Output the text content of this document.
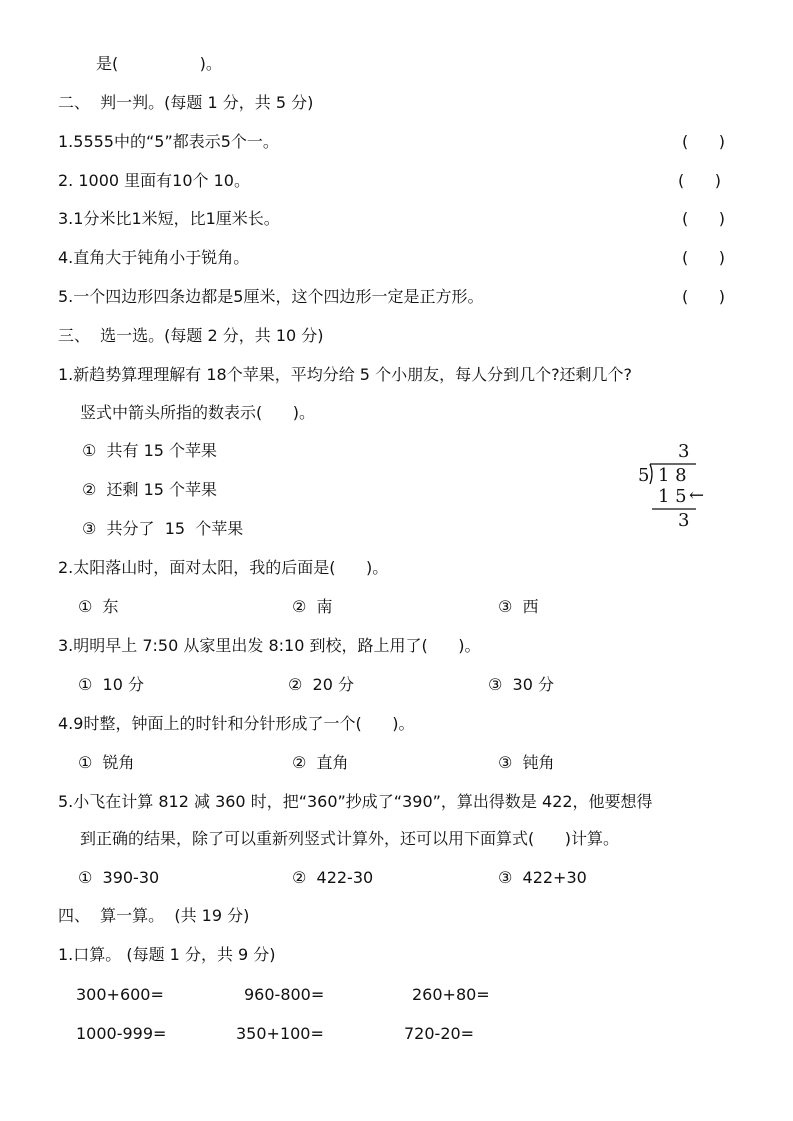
是(                )。
二、  判一判。(每题 1 分，共 5 分)
1.5555中的“5”都表示5个一。	(      )
2. 1000 里面有10个 10。	(      )
3.1分米比1米短，比1厘米长。	(      )
4.直角大于钝角小于锐角。	(      )
5.一个四边形四条边都是5厘米，这个四边形一定是正方形。	(      )
三、  选一选。(每题 2 分，共 10 分)
1.新趋势算理理解有 18个苹果，平均分给 5 个小朋友，每人分到几个?还剩几个?
竖式中箭头所指的数表示(      )。
①  共有 15 个苹果
②  还剩 15 个苹果
③  共分了  15  个苹果
3
5 1 8
1 5 ←
3
2.太阳落山时，面对太阳，我的后面是(      )。
①  东	②  南	③  西
3.明明早上 7:50 从家里出发 8:10 到校，路上用了(      )。
①  10 分	②  20 分	③  30 分
4.9时整，钟面上的时针和分针形成了一个(      )。
①  锐角	②  直角	③  钝角
5.小飞在计算 812 减 360 时，把“360”抄成了“390”，算出得数是 422，他要想得
到正确的结果，除了可以重新列竖式计算外，还可以用下面算式(      )计算。
①  390-30	②  422-30	③  422+30
四、  算一算。  (共 19 分)
1.口算。 (每题 1 分，共 9 分)
300+600=	960-800=	260+80=
1000-999=	350+100=	720-20=
